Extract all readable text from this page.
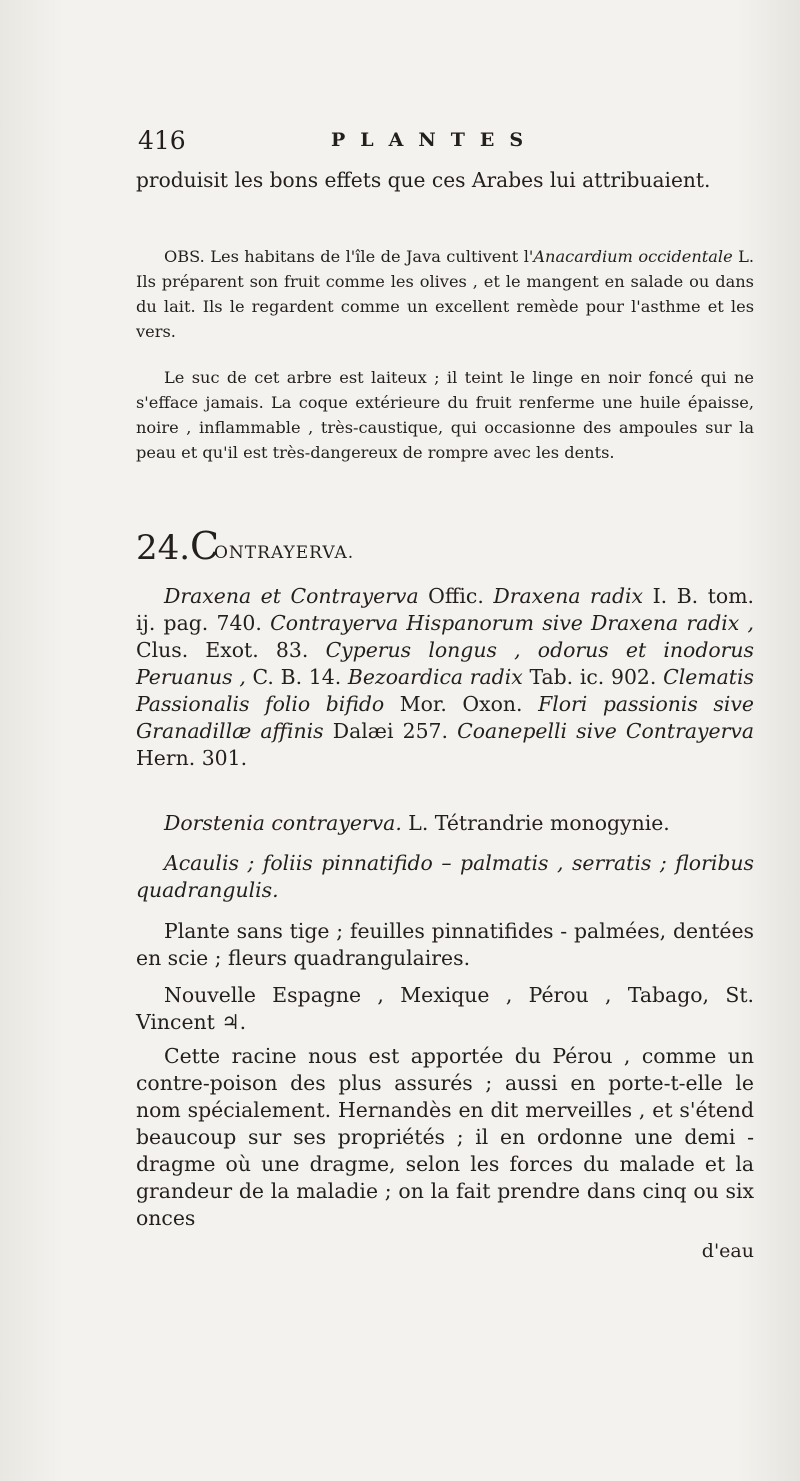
416	PLANTES

produisit les bons effets que ces Arabes lui attribuaient.

OBS. Les habitans de l'île de Java cultivent l'Anacardium occidentale L. Ils préparent son fruit comme les olives , et le mangent en salade ou dans du lait. Ils le regardent comme un excellent remède pour l'asthme et les vers.

Le suc de cet arbre est laiteux ; il teint le linge en noir foncé qui ne s'efface jamais. La coque extérieure du fruit renferme une huile épaisse, noire , inflammable , très-caustique, qui occasionne des ampoules sur la peau et qu'il est très-dangereux de rompre avec les dents.

24. C
ONTRAYERVA.

Draxena et Contrayerva Offic. Draxena radix I. B. tom. ij. pag. 740. Contrayerva Hispanorum sive Draxena radix , Clus. Exot. 83. Cyperus longus , odorus et inodorus Peruanus , C. B. 14. Bezoardica radix Tab. ic. 902. Clematis Passionalis folio bifido Mor. Oxon. Flori passionis sive Granadillæ affinis Dalæi 257. Coanepelli sive Contrayerva Hern. 301.

Dorstenia contrayerva. L. Tétrandrie monogynie.

Acaulis ; foliis pinnatifido – palmatis , serratis ; floribus quadrangulis.

Plante sans tige ; feuilles pinnatifides - palmées, dentées en scie ; fleurs quadrangulaires.

Nouvelle Espagne , Mexique , Pérou , Tabago, St. Vincent ♃.

Cette racine nous est apportée du Pérou , comme un contre-poison des plus assurés ; aussi en porte-t-elle le nom spécialement. Hernandès en dit merveilles , et s'étend beaucoup sur ses propriétés ; il en ordonne une demi - dragme où une dragme, selon les forces du malade et la grandeur de la maladie ; on la fait prendre dans cinq ou six onces

d'eau
